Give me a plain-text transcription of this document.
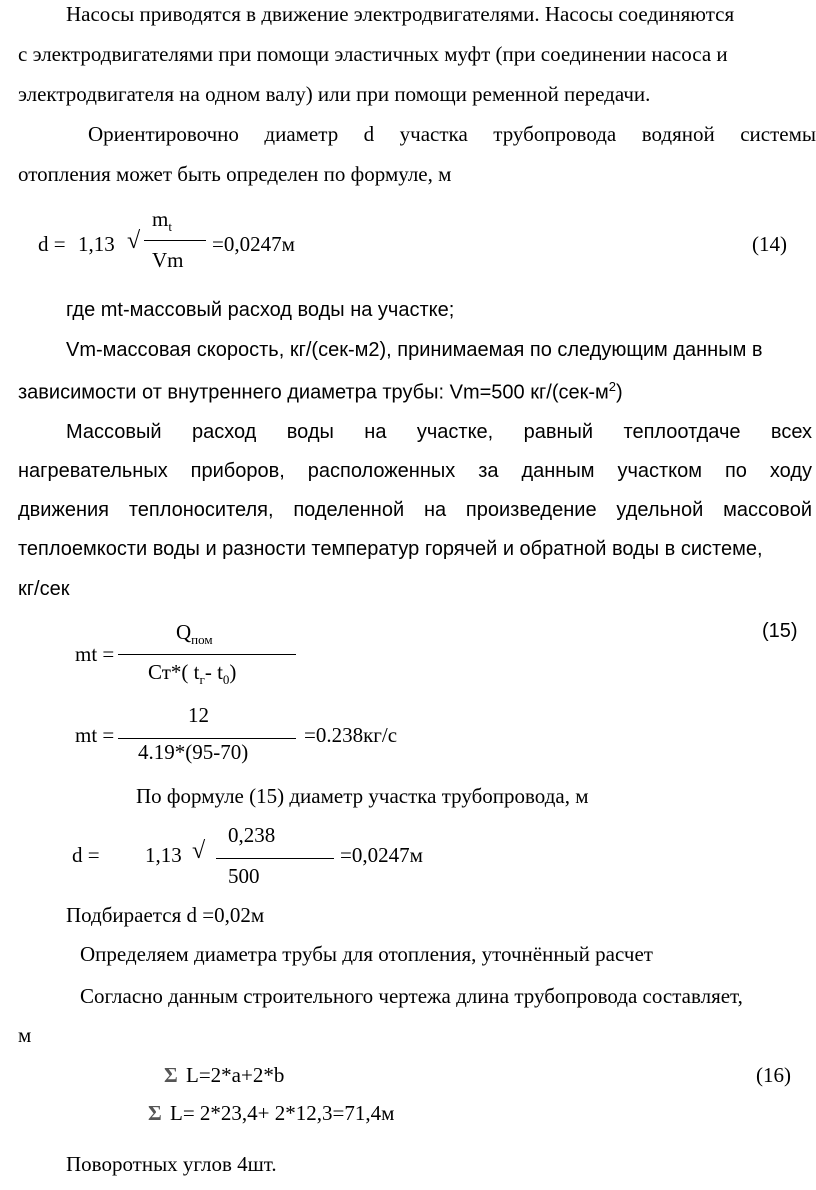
Насосы приводятся в движение электродвигателями. Насосы соединяются
с электродвигателями при помощи эластичных муфт (при соединении насоса и
электродвигателя на одном валу) или при помощи ременной передачи.
Ориентировочно диаметр d участка трубопровода водяной системы
отопления может быть определен по формуле, м
d = 1,13 √
$m_t$
Vm
=0,0247м	(14)
где mt-массовый расход воды на участке;
Vm-массовая скорость, кг/(сек-м2), принимаемая по следующим данным в
зависимости от внутреннего диаметра трубы: Vm=500 $кг/(сек-м^2)$
Массовый расход воды на участке, равный теплоотдаче всех
нагревательных приборов, расположенных за данным участком по ходу
движения теплоносителя, поделенной на произведение удельной массовой
теплоемкости воды и разности температур горячей и обратной воды в системе,
кг/сек
$Q_{пом}$
mt =
Ст*( $t_г-$ $t_0$)
(15)
12
mt =
4.19*(95-70)
=0.238кг/с
По формуле (15) диаметр участка трубопровода, м
0,238
d = 1,13 √
500
=0,0247м
Подбирается d =0,02м
Определяем диаметра трубы для отопления, уточнённый расчет
Согласно данным строительного чертежа длина трубопровода составляет,
м
Σ L=2*a+2*b	(16)
Σ L= 2*23,4+ 2*12,3=71,4м
Поворотных углов 4шт.
